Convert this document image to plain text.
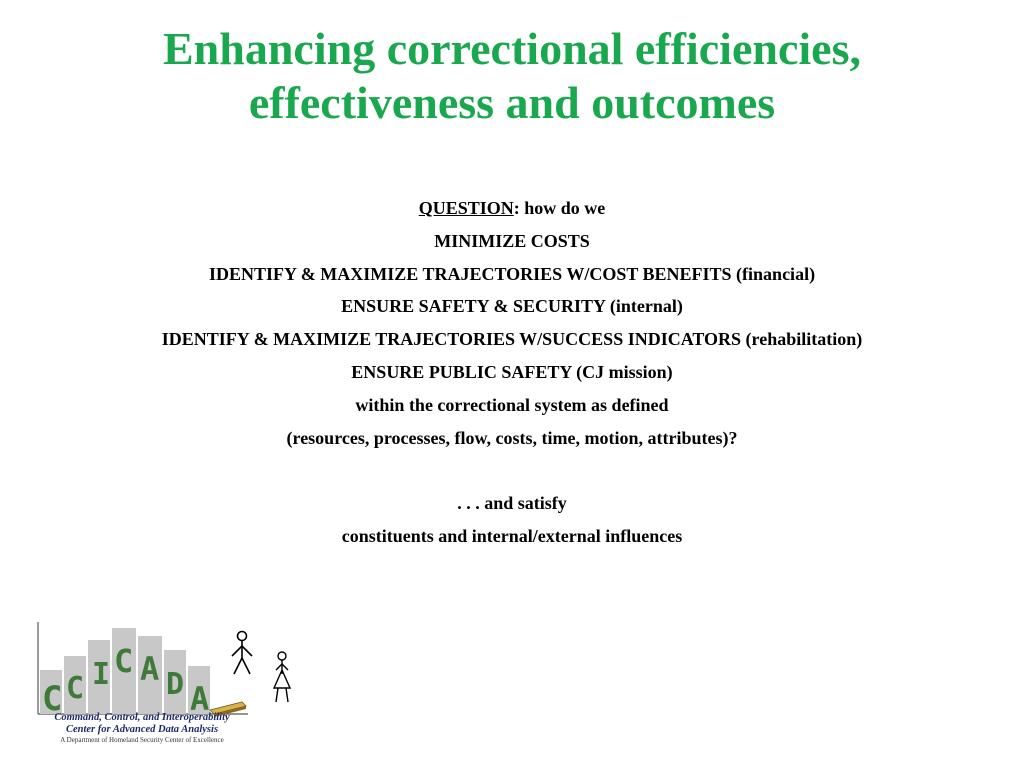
Enhancing correctional efficiencies,
effectiveness and outcomes
QUESTION: how do we
MINIMIZE COSTS
IDENTIFY & MAXIMIZE TRAJECTORIES W/COST BENEFITS (financial)
ENSURE SAFETY & SECURITY (internal)
IDENTIFY & MAXIMIZE TRAJECTORIES W/SUCCESS INDICATORS (rehabilitation)
ENSURE PUBLIC SAFETY (CJ mission)
within the correctional system as defined
(resources, processes, flow, costs, time, motion, attributes)?
. . . and satisfy
constituents and internal/external influences
C C I C A D A
Command, Control, and Interoperability
Center for Advanced Data Analysis
A Department of Homeland Security Center of Excellence
